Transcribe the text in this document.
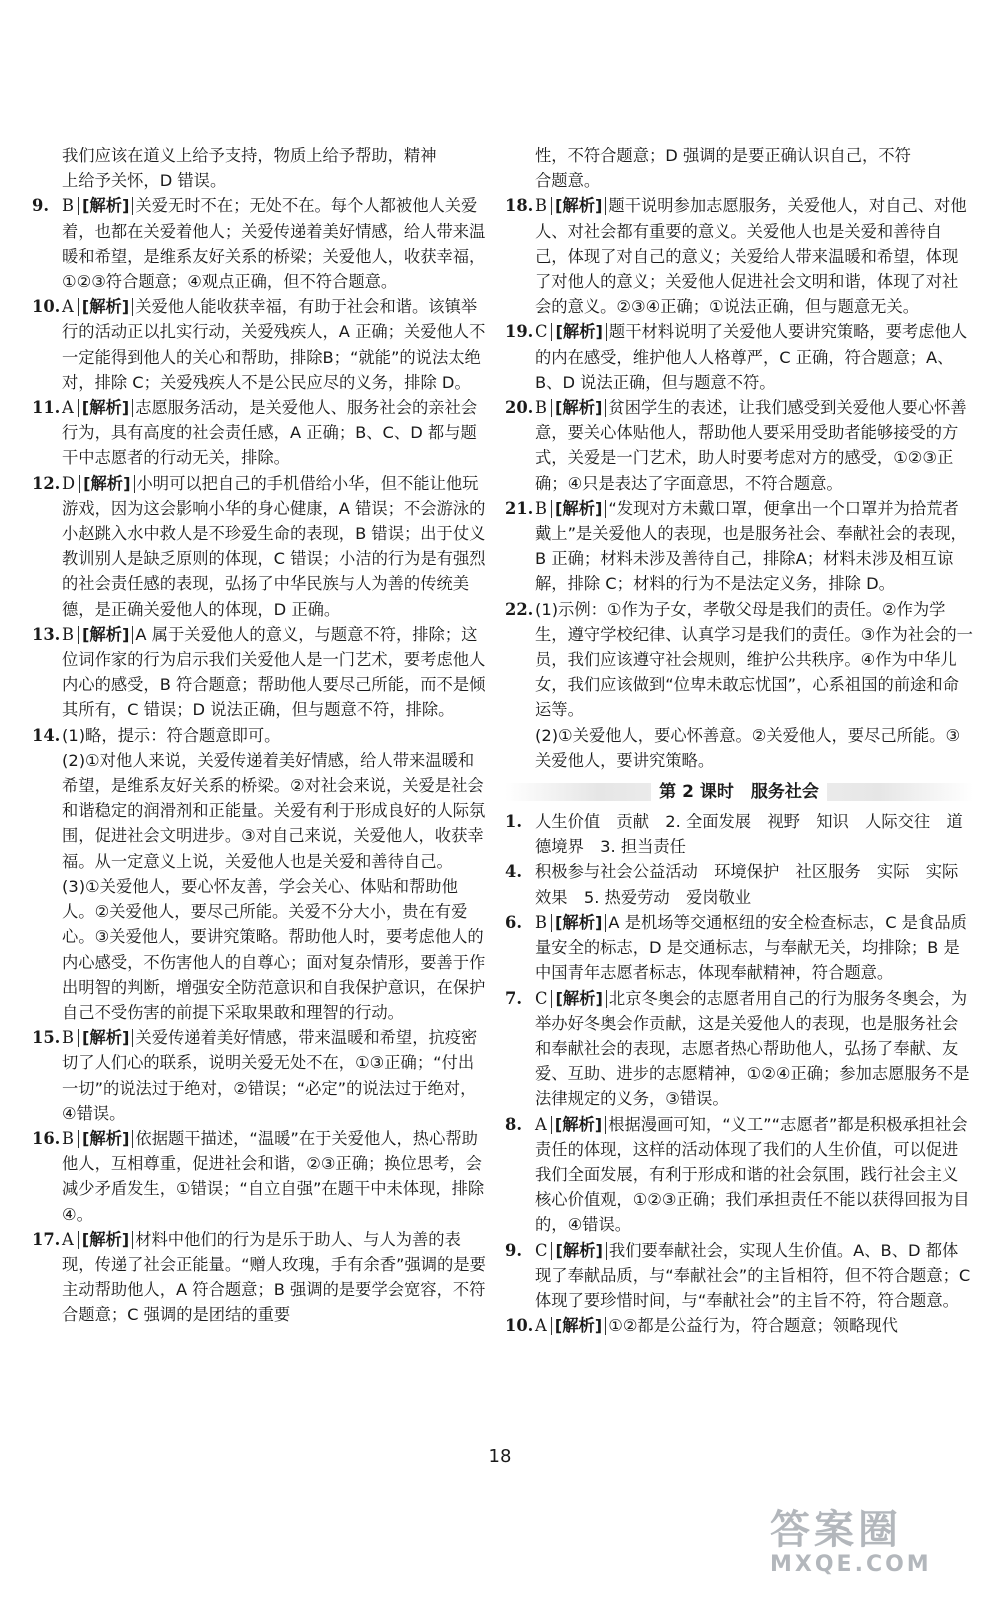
我们应该在道义上给予支持，物质上给予帮助，精神

上给予关怀，D 错误。

9. B [解析] 关爱无时不在；无处不在。每个人都被他人关爱着，也都在关爱着他人；关爱传递着美好情感，给人带来温暖和希望，是维系友好关系的桥梁；关爱他人，收获幸福，①②③符合题意；④观点正确，但不符合题意。

10. A [解析] 关爱他人能收获幸福，有助于社会和谐。该镇举行的活动正以扎实行动，关爱残疾人，A 正确；关爱他人不一定能得到他人的关心和帮助，排除B；“就能”的说法太绝对，排除 C；关爱残疾人不是公民应尽的义务，排除 D。

11. A [解析] 志愿服务活动，是关爱他人、服务社会的亲社会行为，具有高度的社会责任感，A 正确；B、C、D 都与题干中志愿者的行动无关，排除。

12. D [解析] 小明可以把自己的手机借给小华，但不能让他玩游戏，因为这会影响小华的身心健康，A 错误；不会游泳的小赵跳入水中救人是不珍爱生命的表现，B 错误；出于仗义教训别人是缺乏原则的体现，C 错误；小洁的行为是有强烈的社会责任感的表现，弘扬了中华民族与人为善的传统美德，是正确关爱他人的体现，D 正确。

13. B [解析] A 属于关爱他人的意义，与题意不符，排除；这位词作家的行为启示我们关爱他人是一门艺术，要考虑他人内心的感受，B 符合题意；帮助他人要尽己所能，而不是倾其所有，C 错误；D 说法正确，但与题意不符，排除。

14. (1)略，提示：符合题意即可。

(2)①对他人来说，关爱传递着美好情感，给人带来温暖和希望，是维系友好关系的桥梁。②对社会来说，关爱是社会和谐稳定的润滑剂和正能量。关爱有利于形成良好的人际氛围，促进社会文明进步。③对自己来说，关爱他人，收获幸福。从一定意义上说，关爱他人也是关爱和善待自己。

(3)①关爱他人，要心怀友善，学会关心、体贴和帮助他人。②关爱他人，要尽己所能。关爱不分大小，贵在有爱心。③关爱他人，要讲究策略。帮助他人时，要考虑他人的内心感受，不伤害他人的自尊心；面对复杂情形，要善于作出明智的判断，增强安全防范意识和自我保护意识，在保护自己不受伤害的前提下采取果敢和理智的行动。

15. B [解析] 关爱传递着美好情感，带来温暖和希望，抗疫密切了人们心的联系，说明关爱无处不在，①③正确；“付出一切”的说法过于绝对，②错误；“必定”的说法过于绝对，④错误。

16. B [解析] 依据题干描述，“温暖”在于关爱他人，热心帮助他人，互相尊重，促进社会和谐，②③正确；换位思考，会减少矛盾发生，①错误；“自立自强”在题干中未体现，排除④。

17. A [解析] 材料中他们的行为是乐于助人、与人为善的表现，传递了社会正能量。“赠人玫瑰，手有余香”强调的是要主动帮助他人，A 符合题意；B 强调的是要学会宽容，不符合题意；C 强调的是团结的重要

性，不符合题意；D 强调的是要正确认识自己，不符

合题意。

18. B [解析] 题干说明参加志愿服务，关爱他人，对自己、对他人、对社会都有重要的意义。关爱他人也是关爱和善待自己，体现了对自己的意义；关爱给人带来温暖和希望，体现了对他人的意义；关爱他人促进社会文明和谐，体现了对社会的意义。②③④正确；①说法正确，但与题意无关。

19. C [解析] 题干材料说明了关爱他人要讲究策略，要考虑他人的内在感受，维护他人人格尊严，C 正确，符合题意；A、B、D 说法正确，但与题意不符。

20. B [解析] 贫困学生的表述，让我们感受到关爱他人要心怀善意，要关心体贴他人，帮助他人要采用受助者能够接受的方式，关爱是一门艺术，助人时要考虑对方的感受，①②③正确；④只是表达了字面意思，不符合题意。

21. B [解析] “发现对方未戴口罩，便拿出一个口罩并为拾荒者戴上”是关爱他人的表现，也是服务社会、奉献社会的表现，B 正确；材料未涉及善待自己，排除A；材料未涉及相互谅解，排除 C；材料的行为不是法定义务，排除 D。

22. (1)示例：①作为子女，孝敬父母是我们的责任。②作为学生，遵守学校纪律、认真学习是我们的责任。③作为社会的一员，我们应该遵守社会规则，维护公共秩序。④作为中华儿女，我们应该做到“位卑未敢忘忧国”，心系祖国的前途和命运等。

(2)①关爱他人，要心怀善意。②关爱他人，要尽己所能。③关爱他人，要讲究策略。

第 2 课时　服务社会

1. 人生价值　贡献　2. 全面发展　视野　知识　人际交往　道德境界　3. 担当责任

4. 积极参与社会公益活动　环境保护　社区服务　实际　实际效果　5. 热爱劳动　爱岗敬业

6. B [解析] A 是机场等交通枢纽的安全检查标志，C 是食品质量安全的标志，D 是交通标志，与奉献无关，均排除；B 是中国青年志愿者标志，体现奉献精神，符合题意。

7. C [解析] 北京冬奥会的志愿者用自己的行为服务冬奥会，为举办好冬奥会作贡献，这是关爱他人的表现，也是服务社会和奉献社会的表现，志愿者热心帮助他人，弘扬了奉献、友爱、互助、进步的志愿精神，①②④正确；参加志愿服务不是法律规定的义务，③错误。

8. A [解析] 根据漫画可知，“义工”“志愿者”都是积极承担社会责任的体现，这样的活动体现了我们的人生价值，可以促进我们全面发展，有利于形成和谐的社会氛围，践行社会主义核心价值观，①②③正确；我们承担责任不能以获得回报为目的，④错误。

9. C [解析] 我们要奉献社会，实现人生价值。A、B、D 都体现了奉献品质，与“奉献社会”的主旨相符，但不符合题意；C 体现了要珍惜时间，与“奉献社会”的主旨不符，符合题意。

10. A [解析] ①②都是公益行为，符合题意；领略现代

18
答案圈
MXQE.COM
